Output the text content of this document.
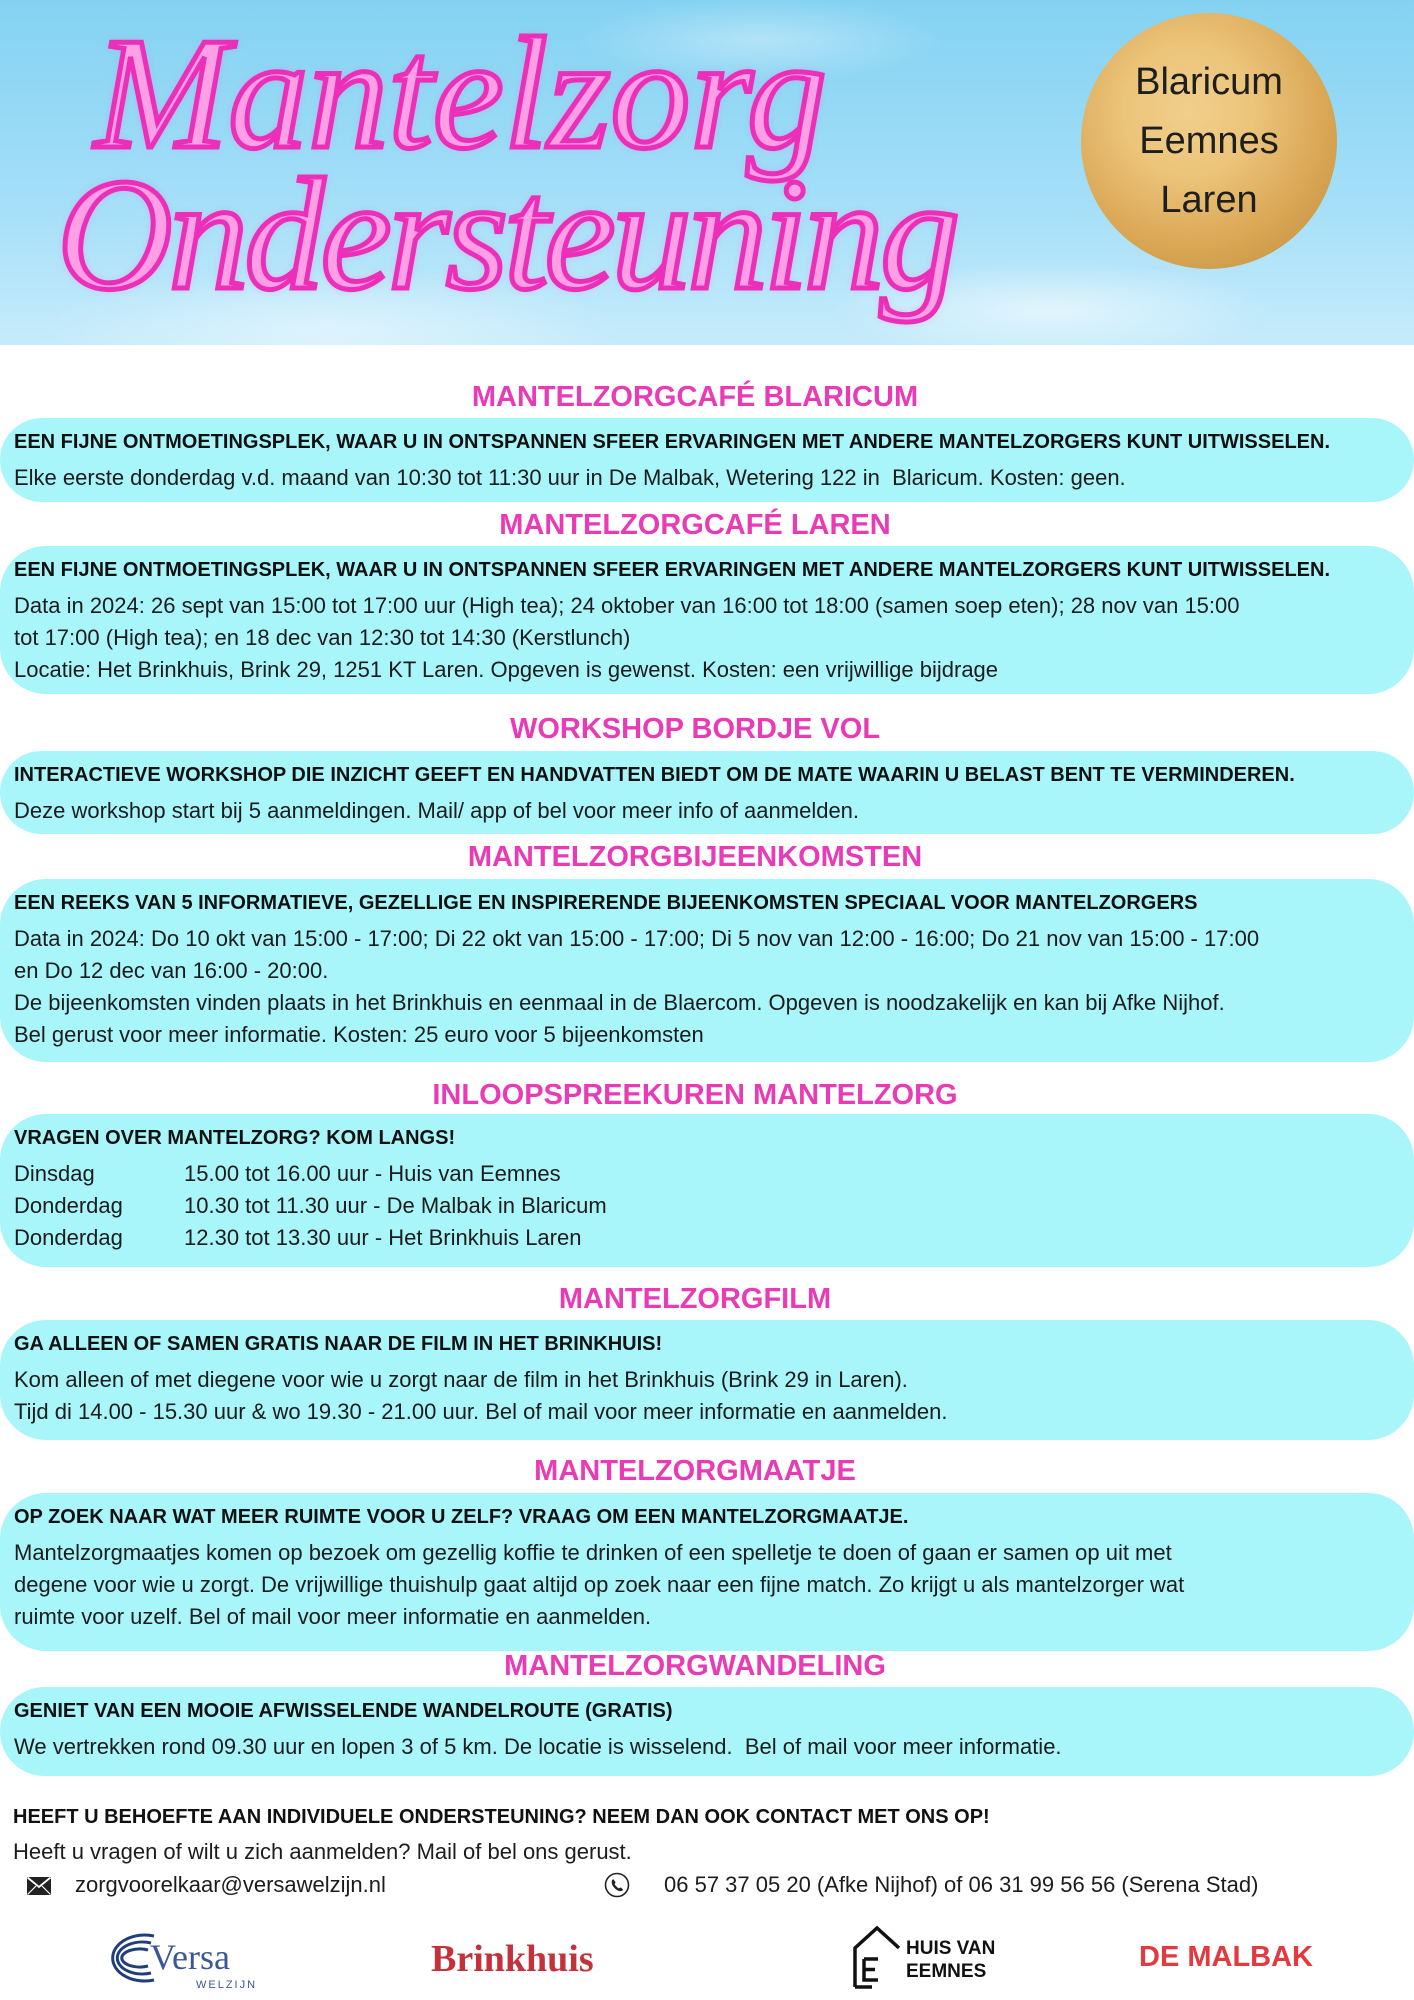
Mantelzorg
Ondersteuning
Blaricum
Eemnes
Laren
MANTELZORGCAFÉ BLARICUM
EEN FIJNE ONTMOETINGSPLEK, WAAR U IN ONTSPANNEN SFEER ERVARINGEN MET ANDERE MANTELZORGERS KUNT UITWISSELEN.
Elke eerste donderdag v.d. maand van 10:30 tot 11:30 uur in De Malbak, Wetering 122 in  Blaricum. Kosten: geen.
MANTELZORGCAFÉ LAREN
EEN FIJNE ONTMOETINGSPLEK, WAAR U IN ONTSPANNEN SFEER ERVARINGEN MET ANDERE MANTELZORGERS KUNT UITWISSELEN.
Data in 2024: 26 sept van 15:00 tot 17:00 uur (High tea); 24 oktober van 16:00 tot 18:00 (samen soep eten); 28 nov van 15:00
tot 17:00 (High tea); en 18 dec van 12:30 tot 14:30 (Kerstlunch)
Locatie: Het Brinkhuis, Brink 29, 1251 KT Laren. Opgeven is gewenst. Kosten: een vrijwillige bijdrage
WORKSHOP BORDJE VOL
INTERACTIEVE WORKSHOP DIE INZICHT GEEFT EN HANDVATTEN BIEDT OM DE MATE WAARIN U BELAST BENT TE VERMINDEREN.
Deze workshop start bij 5 aanmeldingen. Mail/ app of bel voor meer info of aanmelden.
MANTELZORGBIJEENKOMSTEN
EEN REEKS VAN 5 INFORMATIEVE, GEZELLIGE EN INSPIRERENDE BIJEENKOMSTEN SPECIAAL VOOR MANTELZORGERS
Data in 2024: Do 10 okt van 15:00 - 17:00; Di 22 okt van 15:00 - 17:00; Di 5 nov van 12:00 - 16:00; Do 21 nov van 15:00 - 17:00
en Do 12 dec van 16:00 - 20:00.
De bijeenkomsten vinden plaats in het Brinkhuis en eenmaal in de Blaercom. Opgeven is noodzakelijk en kan bij Afke Nijhof.
Bel gerust voor meer informatie. Kosten: 25 euro voor 5 bijeenkomsten
INLOOPSPREEKUREN MANTELZORG
VRAGEN OVER MANTELZORG? KOM LANGS!
Dinsdag	15.00 tot 16.00 uur - Huis van Eemnes
Donderdag	10.30 tot 11.30 uur - De Malbak in Blaricum
Donderdag	12.30 tot 13.30 uur - Het Brinkhuis Laren
MANTELZORGFILM
GA ALLEEN OF SAMEN GRATIS NAAR DE FILM IN HET BRINKHUIS!
Kom alleen of met diegene voor wie u zorgt naar de film in het Brinkhuis (Brink 29 in Laren).
Tijd di 14.00 - 15.30 uur & wo 19.30 - 21.00 uur. Bel of mail voor meer informatie en aanmelden.
MANTELZORGMAATJE
OP ZOEK NAAR WAT MEER RUIMTE VOOR U ZELF? VRAAG OM EEN MANTELZORGMAATJE.
Mantelzorgmaatjes komen op bezoek om gezellig koffie te drinken of een spelletje te doen of gaan er samen op uit met
degene voor wie u zorgt. De vrijwillige thuishulp gaat altijd op zoek naar een fijne match. Zo krijgt u als mantelzorger wat
ruimte voor uzelf. Bel of mail voor meer informatie en aanmelden.
GENIET VAN EEN MOOIE AFWISSELENDE WANDELROUTE (GRATIS)
We vertrekken rond 09.30 uur en lopen 3 of 5 km. De locatie is wisselend.  Bel of mail voor meer informatie.
MANTELZORGWANDELING
HEEFT U BEHOEFTE AAN INDIVIDUELE ONDERSTEUNING? NEEM DAN OOK CONTACT MET ONS OP!
Heeft u vragen of wilt u zich aanmelden? Mail of bel ons gerust.
zorgvoorelkaar@versawelzijn.nl	06 57 37 05 20 (Afke Nijhof) of 06 31 99 56 56 (Serena Stad)
Versa
WELZIJN
Brinkhuis	HUIS VAN
EEMNES	DE MALBAK
